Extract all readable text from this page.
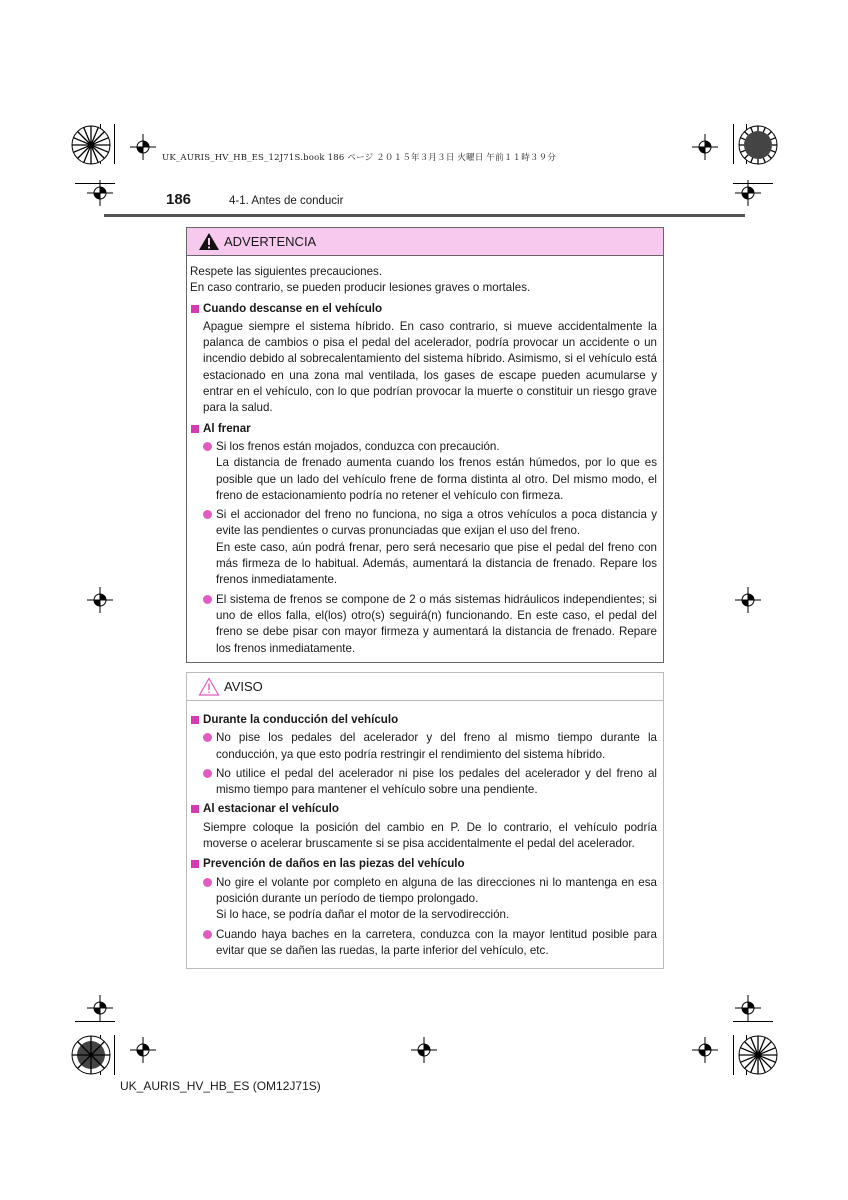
UK_AURIS_HV_HB_ES_12J71S.book 186 ページ ２０１５年３月３日 火曜日 午前１１時３９分
186	4-1. Antes de conducir
ADVERTENCIA

Respete las siguientes precauciones.

En caso contrario, se pueden producir lesiones graves o mortales.

Cuando descanse en el vehículo

Apague siempre el sistema híbrido. En caso contrario, si mueve accidentalmente la palanca de cambios o pisa el pedal del acelerador, podría provocar un accidente o un incendio debido al sobrecalentamiento del sistema híbrido. Asimismo, si el vehículo está estacionado en una zona mal ventilada, los gases de escape pueden acumularse y entrar en el vehículo, con lo que podrían provocar la muerte o constituir un riesgo grave para la salud.

Al frenar
Si los frenos están mojados, conduzca con precaución.
La distancia de frenado aumenta cuando los frenos están húmedos, por lo que es posible que un lado del vehículo frene de forma distinta al otro. Del mismo modo, el freno de estacionamiento podría no retener el vehículo con firmeza.
Si el accionador del freno no funciona, no siga a otros vehículos a poca distancia y evite las pendientes o curvas pronunciadas que exijan el uso del freno.
En este caso, aún podrá frenar, pero será necesario que pise el pedal del freno con más firmeza de lo habitual. Además, aumentará la distancia de frenado. Repare los frenos inmediatamente.
El sistema de frenos se compone de 2 o más sistemas hidráulicos independientes; si uno de ellos falla, el(los) otro(s) seguirá(n) funcionando. En este caso, el pedal del freno se debe pisar con mayor firmeza y aumentará la distancia de frenado. Repare los frenos inmediatamente.
AVISO
Durante la conducción del vehículo
No pise los pedales del acelerador y del freno al mismo tiempo durante la conducción, ya que esto podría restringir el rendimiento del sistema híbrido.
No utilice el pedal del acelerador ni pise los pedales del acelerador y del freno al mismo tiempo para mantener el vehículo sobre una pendiente.
Al estacionar el vehículo

Siempre coloque la posición del cambio en P. De lo contrario, el vehículo podría moverse o acelerar bruscamente si se pisa accidentalmente el pedal del acelerador.

Prevención de daños en las piezas del vehículo
No gire el volante por completo en alguna de las direcciones ni lo mantenga en esa posición durante un período de tiempo prolongado.
Si lo hace, se podría dañar el motor de la servodirección.
Cuando haya baches en la carretera, conduzca con la mayor lentitud posible para evitar que se dañen las ruedas, la parte inferior del vehículo, etc.
UK_AURIS_HV_HB_ES (OM12J71S)
